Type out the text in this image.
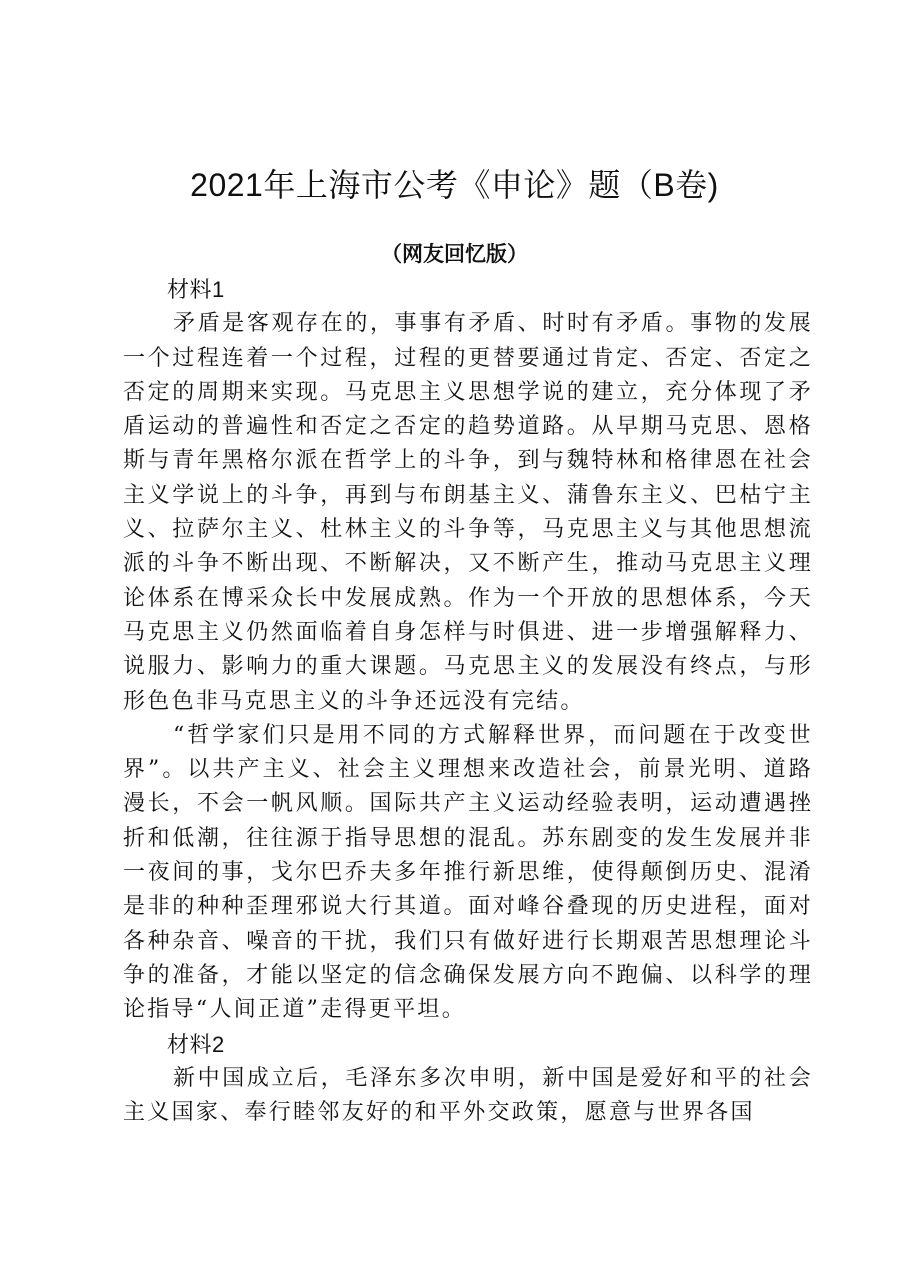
2021年上海市公考《申论》题（B卷)
（网友回忆版）

材料1

矛盾是客观存在的，事事有矛盾、时时有矛盾。事物的发展一个过程连着一个过程，过程的更替要通过肯定、否定、否定之否定的周期来实现。马克思主义思想学说的建立，充分体现了矛盾运动的普遍性和否定之否定的趋势道路。从早期马克思、恩格斯与青年黑格尔派在哲学上的斗争，到与魏特林和格律恩在社会主义学说上的斗争，再到与布朗基主义、蒲鲁东主义、巴枯宁主义、拉萨尔主义、杜林主义的斗争等，马克思主义与其他思想流派的斗争不断出现、不断解决，又不断产生，推动马克思主义理论体系在博采众长中发展成熟。作为一个开放的思想体系，今天马克思主义仍然面临着自身怎样与时俱进、进一步增强解释力、说服力、影响力的重大课题。马克思主义的发展没有终点，与形形色色非马克思主义的斗争还远没有完结。

“哲学家们只是用不同的方式解释世界，而问题在于改变世界”。以共产主义、社会主义理想来改造社会，前景光明、道路漫长，不会一帆风顺。国际共产主义运动经验表明，运动遭遇挫折和低潮，往往源于指导思想的混乱。苏东剧变的发生发展并非一夜间的事，戈尔巴乔夫多年推行新思维，使得颠倒历史、混淆是非的种种歪理邪说大行其道。面对峰谷叠现的历史进程，面对各种杂音、噪音的干扰，我们只有做好进行长期艰苦思想理论斗争的准备，才能以坚定的信念确保发展方向不跑偏、以科学的理论指导“人间正道”走得更平坦。

材料2

新中国成立后，毛泽东多次申明，新中国是爱好和平的社会主义国家、奉行睦邻友好的和平外交政策，愿意与世界各国
